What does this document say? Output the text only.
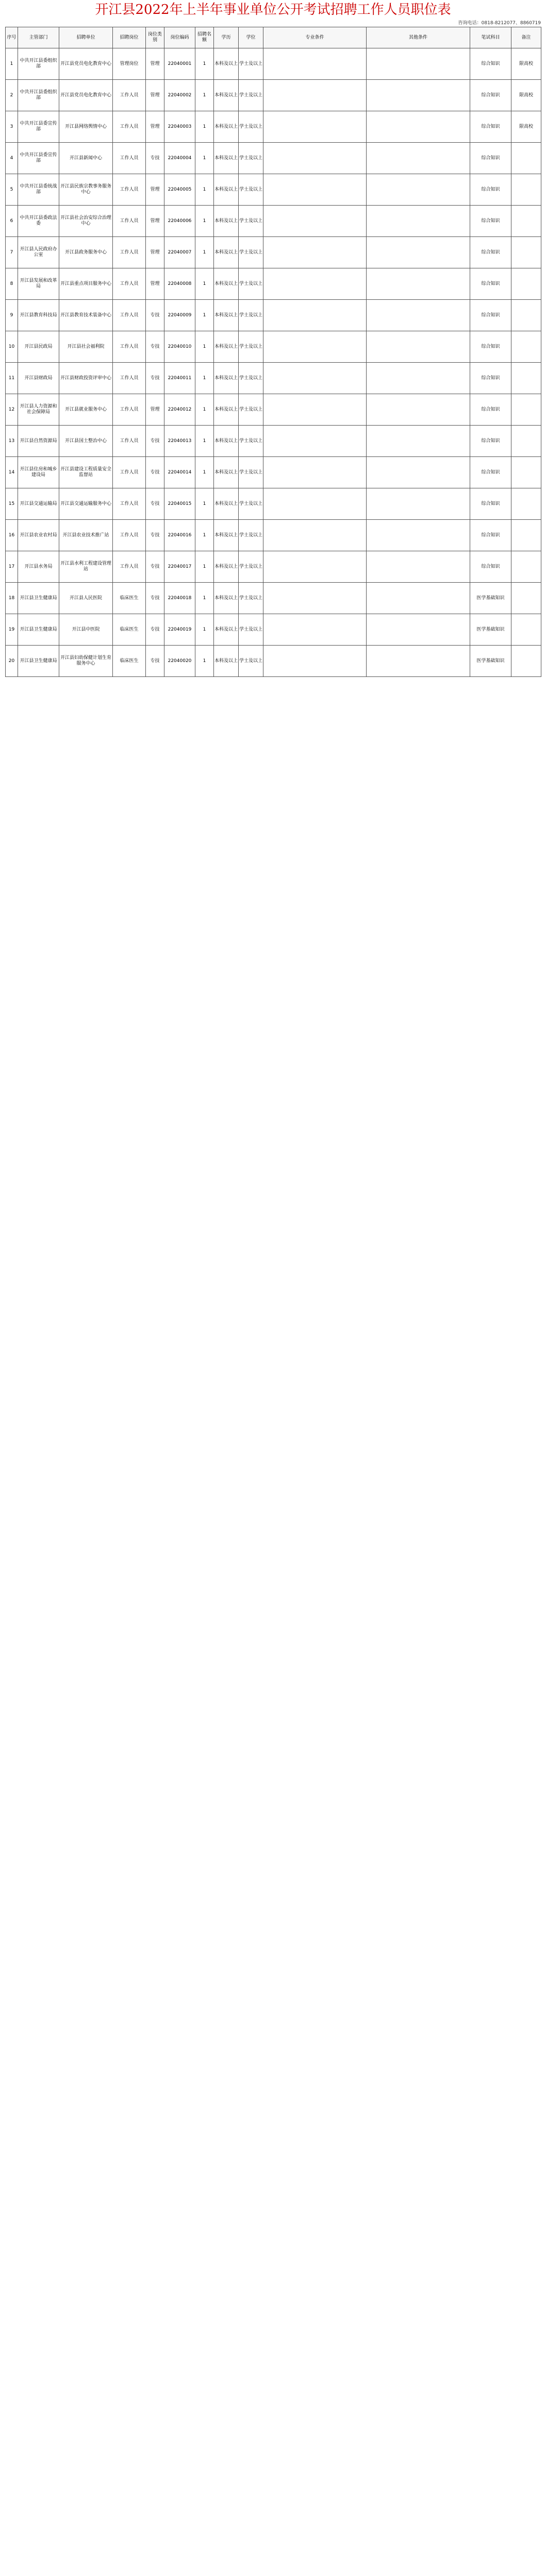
开江县2022年上半年事业单位公开考试招聘工作人员职位表
咨询电话：0818-8212077、8860719
序号	主管部门	招聘单位	招聘岗位	岗位类别	岗位编码	招聘名额	学历	学位	专业条件	其他条件	笔试科目	备注
1	中共开江县委组织部	开江县党员电化教育中心	管理岗位	管理	22040001	1	本科及以上	学士及以上			综合知识	限高校
2	中共开江县委组织部	开江县党员电化教育中心	工作人员	管理	22040002	1	本科及以上	学士及以上			综合知识	限高校
3	中共开江县委宣传部	开江县网络舆情中心	工作人员	管理	22040003	1	本科及以上	学士及以上			综合知识	限高校
4	中共开江县委宣传部	开江县新闻中心	工作人员	专技	22040004	1	本科及以上	学士及以上			综合知识	
5	中共开江县委统战部	开江县民族宗教事务服务中心	工作人员	管理	22040005	1	本科及以上	学士及以上			综合知识	
6	中共开江县委政法委	开江县社会治安综合治理中心	工作人员	管理	22040006	1	本科及以上	学士及以上			综合知识	
7	开江县人民政府办公室	开江县政务服务中心	工作人员	管理	22040007	1	本科及以上	学士及以上			综合知识	
8	开江县发展和改革局	开江县重点项目服务中心	工作人员	管理	22040008	1	本科及以上	学士及以上			综合知识	
9	开江县教育科技局	开江县教育技术装备中心	工作人员	专技	22040009	1	本科及以上	学士及以上			综合知识	
10	开江县民政局	开江县社会福利院	工作人员	专技	22040010	1	本科及以上	学士及以上			综合知识	
11	开江县财政局	开江县财政投资评审中心	工作人员	专技	22040011	1	本科及以上	学士及以上			综合知识	
12	开江县人力资源和社会保障局	开江县就业服务中心	工作人员	管理	22040012	1	本科及以上	学士及以上			综合知识	
13	开江县自然资源局	开江县国土整治中心	工作人员	专技	22040013	1	本科及以上	学士及以上			综合知识	
14	开江县住房和城乡建设局	开江县建设工程质量安全监督站	工作人员	专技	22040014	1	本科及以上	学士及以上			综合知识	
15	开江县交通运输局	开江县交通运输服务中心	工作人员	专技	22040015	1	本科及以上	学士及以上			综合知识	
16	开江县农业农村局	开江县农业技术推广站	工作人员	专技	22040016	1	本科及以上	学士及以上			综合知识	
17	开江县水务局	开江县水利工程建设管理站	工作人员	专技	22040017	1	本科及以上	学士及以上			综合知识	
18	开江县卫生健康局	开江县人民医院	临床医生	专技	22040018	1	本科及以上	学士及以上			医学基础知识	
19	开江县卫生健康局	开江县中医院	临床医生	专技	22040019	1	本科及以上	学士及以上			医学基础知识	
20	开江县卫生健康局	开江县妇幼保健计划生育服务中心	临床医生	专技	22040020	1	本科及以上	学士及以上			医学基础知识	
